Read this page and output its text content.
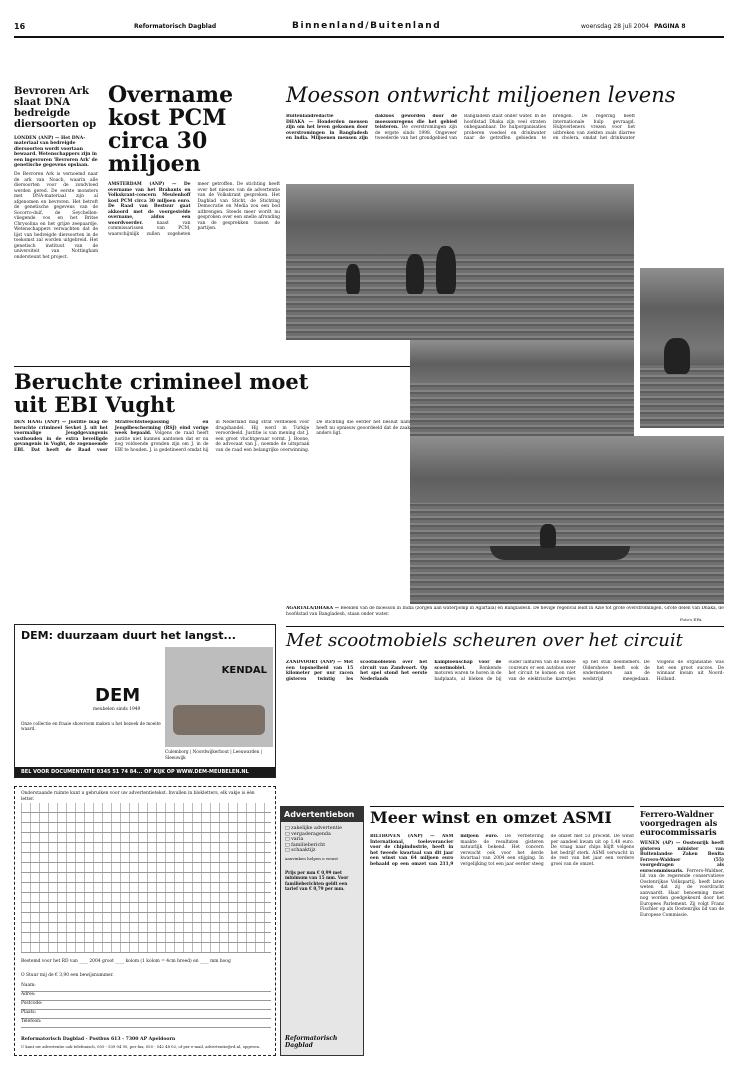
16	Reformatorisch Dagblad	Binnenland/Buitenland	woensdag 28 juli 2004 PAGINA 8
Bevroren Ark slaat DNA bedreigde diersoorten op
LONDEN (ANP) — Het DNA-materiaal van bedreigde diersoorten wordt voortaan bewaard. Wetenschappers zijn in een ingevroren 'Bevroren Ark' de genetische gegevens opslaan.
De Bevroren Ark is vernoemd naar de ark van Noach, waarin alle diersoorten voor de zondvloed werden gered. De eerste monsters met DNA-materiaal zijn al afgenomen en bevroren. Het betreft de genetische gegevens van de Socorro-duif, de Seychellen-vliegende vos en het Britse Chrysolina en het grijze zeepaardje. Wetenschappers verwachten dat de lijst van bedreigde diersoorten in de toekomst zal worden uitgebreid. Het genetisch instituut van de universiteit van Nottingham ondersteunt het project.
Overname kost PCM circa 30 miljoen
AMSTERDAM (ANP) — De overname van het Brabants en Volkskrant-concern Meulenhoff kost PCM circa 30 miljoen euro. De Raad van Bestuur gaat akkoord met de voorgestelde overname, aldus een woordvoerder.	naast van commissarissen van PCM, waarschijnlijk zullen zogeheten meer getroffen. De stichting heeft over het nieuws van de advertentie van de Volkskrant gesproken. Het Dagblad van Sticht, de Stichting Democratie en Media zou een bod uitbrengen. Steeds meer wordt nu gesproken over een snelle afronding van de gesprekken tussen de partijen.
Moesson ontwricht miljoenen levens
Buitenlandredactie
DHAKA — Honderden mensen zijn om het leven gekomen door overstromingen in Bangladesh en India. Miljoenen mensen zijn dakloos geworden door de moessonregens die het gebied teisteren. De overstromingen zijn de ergste sinds 1998. Ongeveer tweederde van het grondgebied van Bangladesh staat onder water. In de hoofdstad Dhaka zijn veel straten onbegaanbaar. De hulporganisaties proberen voedsel en drinkwater naar de getroffen gebieden te brengen. De regering heeft internationale hulp gevraagd. Hulpverleners vrezen voor het uitbreken van ziekten zoals diarree en cholera, omdat het drinkwater
AGARTALA/DHAKA — Beelden van de moesson in India (zorgen aan waterpomp in Agartala) en Bangladesh. De hevige regenval leidt in Azië tot grote overstromingen. Grote delen van Dhaka, de hoofdstad van Bangladesh, staan onder water.
Foto's EPA
Beruchte crimineel moet uit EBI Vught
DEN HAAG (ANP) — Justitie mag de beruchte crimineel Sevket J. uit het voormalige Jeugdgevangenis vasthouden in de extra beveiligde gevangenis in Vught, de zogenoemde EBI. Dat heeft de Raad voor Strafrechtstoepassing en Jeugdbescherming (RSJ) eind vorige week bepaald. Volgens de raad heeft justitie niet kunnen aantonen dat er nu nog voldoende gronden zijn om J. in de EBI te houden. J. is gedetineerd omdat hij in Nederland mag straf verdienen voor drugshandel. Hij werd in Turkije veroordeeld. Justitie is van mening dat J. een groot vluchtgevaar vormt. J. Boone, de advocaat van J., noemde de uitspraak van de raad een belangrijke overwinning. De stichting die eerder het besluit nam heeft nu opnieuw geoordeeld dat de zaak anders ligt.
DEM: duurzaam duurt het langst...
KENDAL
DEM
meubelen sinds 1949
Onze collectie en fraaie showroom maken u het bezoek de moeite waard.
Culemborg | Noordwijkerhout | Leeuwarden | Sleeuwijk
BEL VOOR DOCUMENTATIE 0345 51 74 84... OF KIJK OP WWW.DEM-MEUBELEN.NL
Met scootmobiels scheuren over het circuit
ZANDVOORT (ANP) — Met een topsnelheid van 15 kilometer per uur racen gisteren twintig les scootmobielen over het circuit van Zandvoort. Op het spel stond het eerste Nederlands kampioenschap voor de scootmobiel.	Ronkende motoren waren te horen in de badplaats, al bleken de bij ouder lantaren van de enkele coureurs er een autobus over het circuit te komen en niet van de elektrische karretjes op het stuk deelnemers. De Oldershove heeft ook de ondernemers aan de wedstrijd meegedaan. Volgens de organisatie was het een groot succes. De winnaar kwam uit Noord-Holland.
Onderstaande ruimte kunt u gebruiken voor uw advertentietekst. Invullen in blokletters, elk vakje is één letter.
Bestemd voor het RD van ____ 2004 groot ____ kolom (1 kolom = 4cm breed) en ____ mm hoog
O Stuur mij de € 3,90 een bewijsnummer.
Naam:
Adres:
Postcode:
Plaats:
Telefoon:
Reformatorisch Dagblad - Postbus 613 - 7300 AP Apeldoorn
U kunt uw advertentie ook telefonisch, 055 - 539 04 95, per fax, 055 - 542 48 02, of per e-mail, advertentie@rd.nl, opgeven.
Advertentiebon
□ zakelijke advertentie
□ vergaderagenda
□ varia
□ familiebericht
□ schaaktijz
aanvinken helpen u wenst
Prijs per mm € 0,99 met minimum van 15 mm. Voor familieberichten geldt een tarief van € 0,79 per mm.
Reformatorisch Dagblad
Meer winst en omzet ASMI
BILTHOVEN (ANP) — ASM International, toeleverancier voor de chipindustrie, heeft in het tweede kwartaal van dit jaar een winst van 64 miljoen euro behaald op een omzet van 211,9 miljoen euro. De verbetering maakte de resultaten gisteren natuurlijk bekend. Het concern verwacht ook voor het derde kwartaal van 2004 een stijging. In vergelijking tot een jaar eerder steeg de omzet met 53 procent. De winst per aandeel kwam uit op 1,48 euro. De vraag naar chips blijft volgens het bedrijf sterk. ASMI verwacht in de rest van het jaar een verdere groei van de omzet.
Ferrero-Waldner voorgedragen als eurocommissaris
WENEN (AP) — Oostenrijk heeft gisteren minister van Buitenlandse Zaken Benita Ferrero-Waldner (55) voorgedragen als eurocommissaris. Ferrero-Waldner, lid van de regerende conservatieve Oostenrijkse Volkspartij, heeft laten weten dat zij de voordracht aanvaardt. Haar benoeming moet nog worden goedgekeurd door het Europees Parlement. Zij volgt Franz Fischler op als Oostenrijks lid van de Europese Commissie.
